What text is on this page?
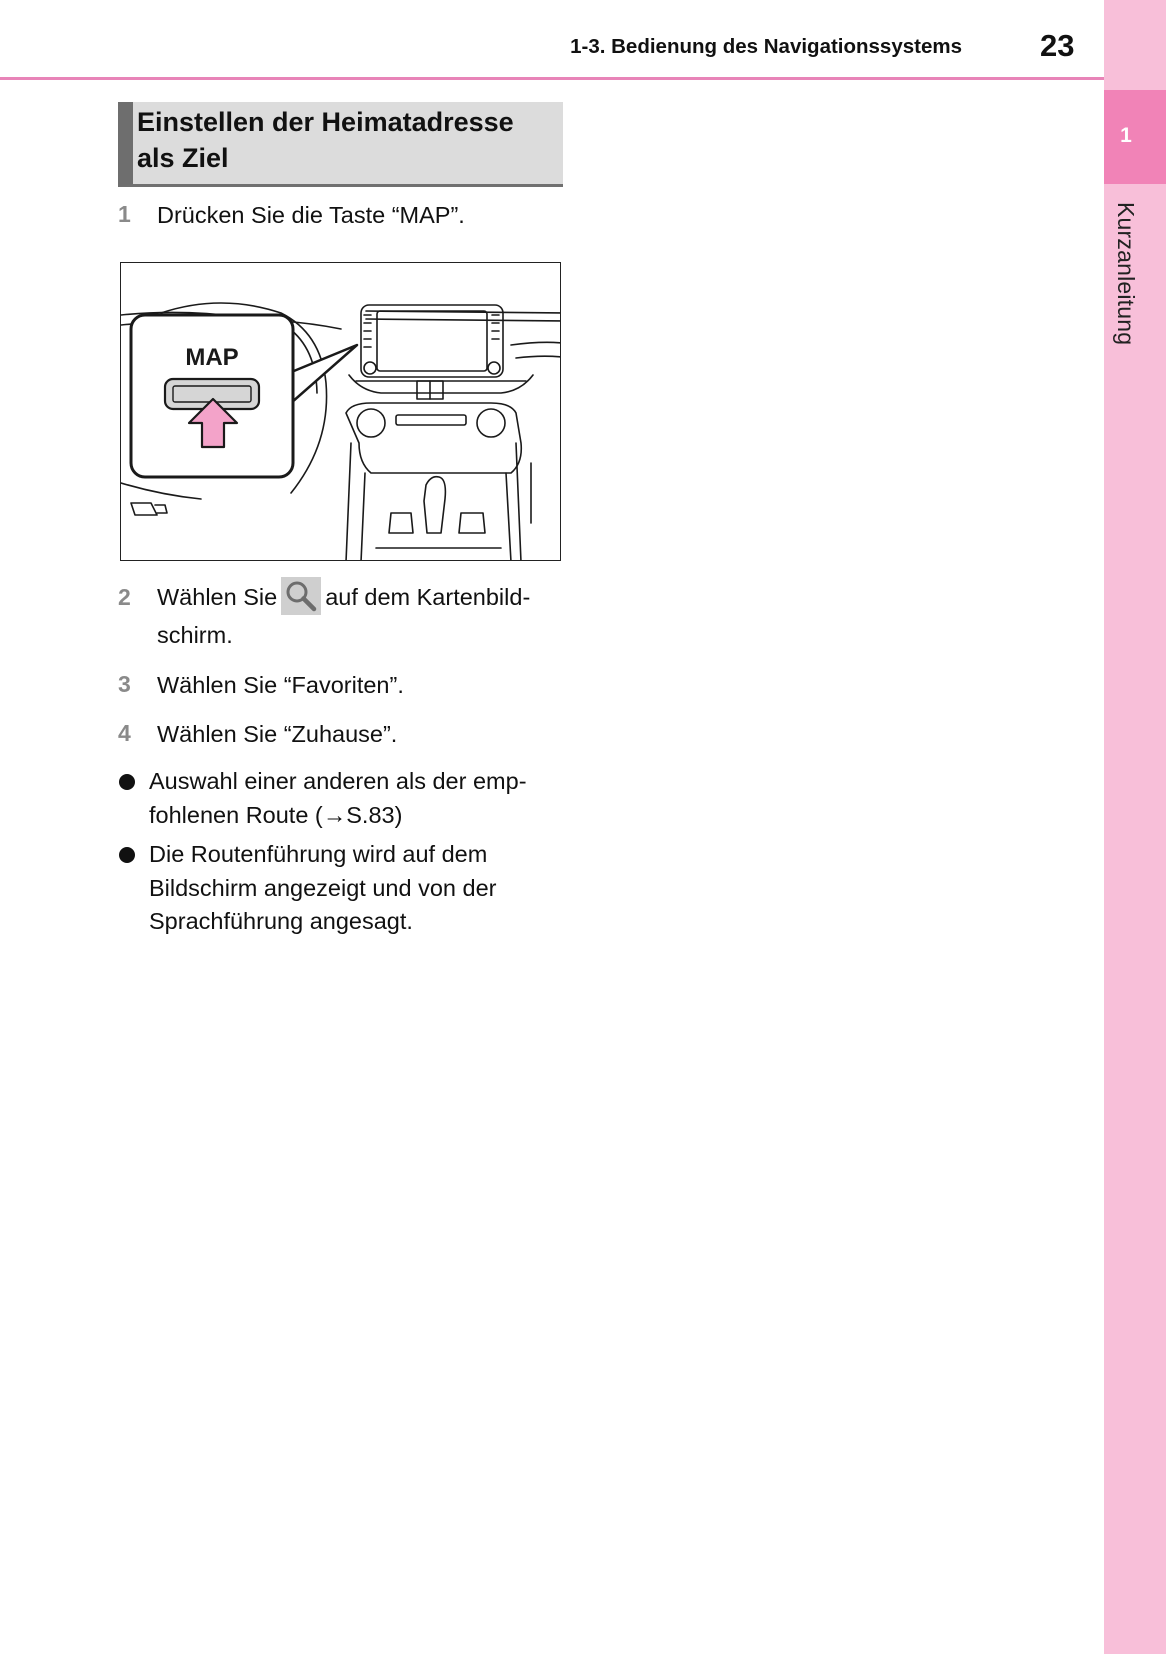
1
Kurzanleitung
1-3. Bedienung des Navigationssystems	23
Einstellen der Heimatadresse
als Ziel
1 Drücken Sie die Taste “MAP”.
MAP
2 Wählen Sie auf dem Kartenbild-
schirm.
3 Wählen Sie “Favoriten”.
4 Wählen Sie “Zuhause”.
Auswahl einer anderen als der emp-
fohlenen Route (→S.83)
Die Routenführung wird auf dem
Bildschirm angezeigt und von der
Sprachführung angesagt.
